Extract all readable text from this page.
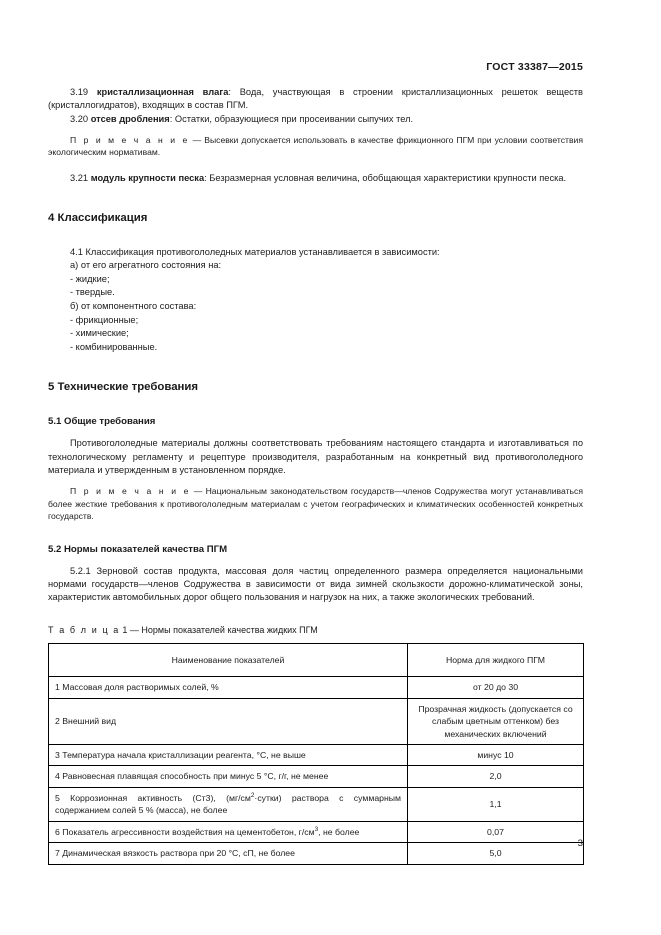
ГОСТ 33387—2015

3.19 кристаллизационная влага: Вода, участвующая в строении кристаллизационных решеток веществ (кристаллогидратов), входящих в состав ПГМ.

3.20 отсев дробления: Остатки, образующиеся при просеивании сыпучих тел.

П р и м е ч а н и е — Высевки допускается использовать в качестве фрикционного ПГМ при условии соответствия экологическим нормативам.

3.21 модуль крупности песка: Безразмерная условная величина, обобщающая характеристики крупности песка.

4 Классификация

4.1 Классификация противогололедных материалов устанавливается в зависимости:

а) от его агрегатного состояния на:
- жидкие;
- твердые.
б) от компонентного состава:
- фрикционные;
- химические;
- комбинированные.
5 Технические требования
5.1 Общие требования

Противогололедные материалы должны соответствовать требованиям настоящего стандарта и изготавливаться по технологическому регламенту и рецептуре производителя, разработанным на конкретный вид противогололедного материала и утвержденным в установленном порядке.

П р и м е ч а н и е — Национальным законодательством государств—членов Содружества могут устанавливаться более жесткие требования к противогололедным материалам с учетом географических и климатических особенностей конкретных государств.

5.2 Нормы показателей качества ПГМ

5.2.1 Зерновой состав продукта, массовая доля частиц определенного размера определяется национальными нормами государств—членов Содружества в зависимости от вида зимней скользкости дорожно-климатической зоны, характеристик автомобильных дорог общего пользования и нагрузок на них, а также экологических требований.

Т а б л и ц а 1 — Нормы показателей качества жидких ПГМ
Наименование показателей	Норма для жидкого ПГМ
1 Массовая доля растворимых солей, %	от 20 до 30
2 Внешний вид	Прозрачная жидкость (допускается со слабым цветным оттенком) без механических включений
3 Температура начала кристаллизации реагента, °С, не выше	минус 10
4 Равновесная плавящая способность при минус 5 °С, г/г, не менее	2,0
5 Коррозионная активность (Ст3), $(мг/см^2\cdot сутки)$ раствора с суммарным содержанием солей 5 % (масса), не более	1,1
6 Показатель агрессивности воздействия на цементобетон, $г/см^3$, не более	0,07
7 Динамическая вязкость раствора при 20 °С, сП, не более	5,0
3
